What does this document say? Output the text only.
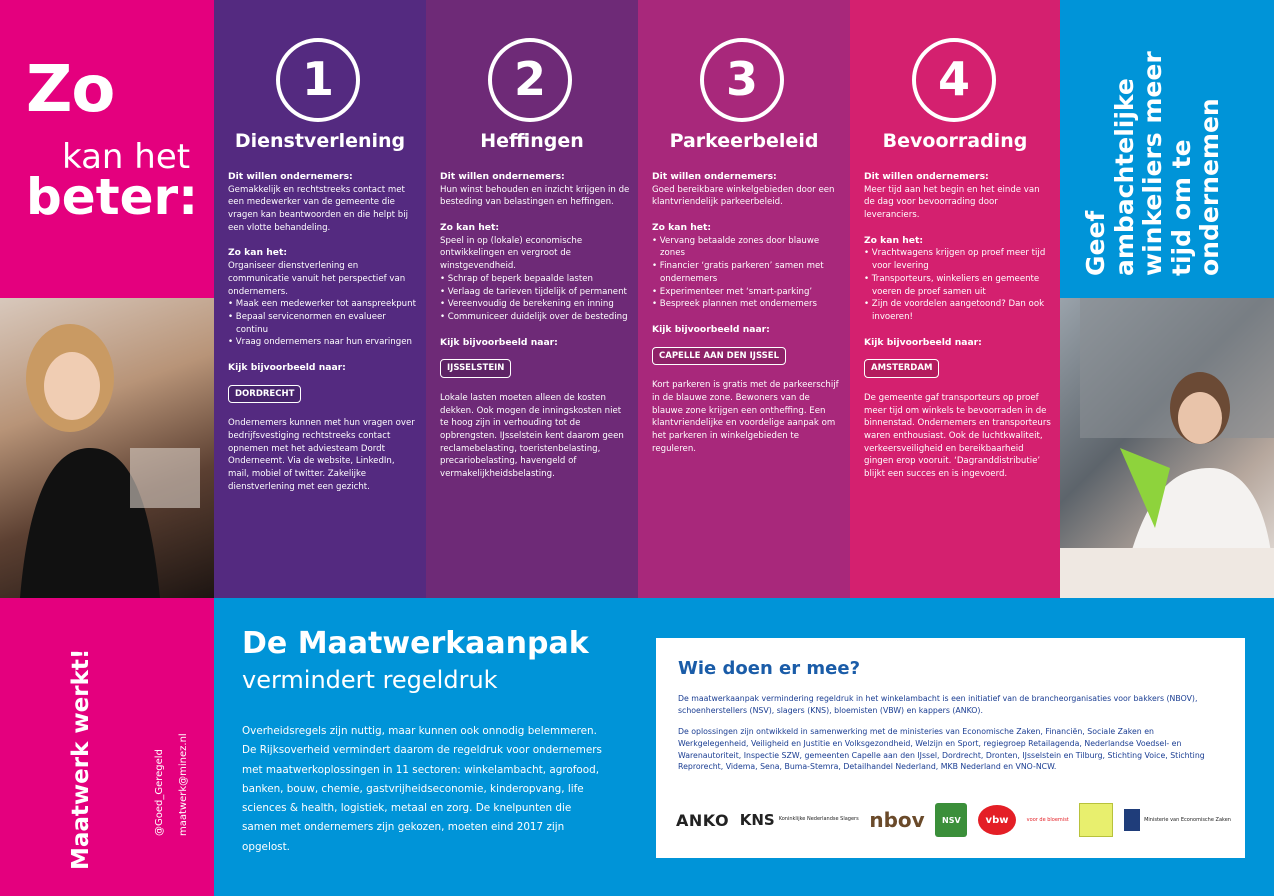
Zo
kan het
beter:
1
Dienstverlening
Dit willen ondernemers:
Gemakkelijk en rechtstreeks contact met een medewerker van de gemeente die vragen kan beantwoorden en die helpt bij een vlotte behandeling.
Zo kan het:
Organiseer dienstverlening en communicatie vanuit het perspectief van ondernemers.
• Maak een medewerker tot aanspreekpunt
• Bepaal servicenormen en evalueer continu
• Vraag ondernemers naar hun ervaringen
Kijk bijvoorbeeld naar:
DORDRECHT
Ondernemers kunnen met hun vragen over bedrijfsvestiging rechtstreeks contact opnemen met het adviesteam Dordt Onderneemt. Via de website, LinkedIn, mail, mobiel of twitter. Zakelijke dienstverlening met een gezicht.
2
Heffingen
Dit willen ondernemers:
Hun winst behouden en inzicht krijgen in de besteding van belastingen en heffingen.
Zo kan het:
Speel in op (lokale) economische ontwikkelingen en vergroot de winstgevendheid.
• Schrap of beperk bepaalde lasten
• Verlaag de tarieven tijdelijk of permanent
• Vereenvoudig de berekening en inning
• Communiceer duidelijk over de besteding
Kijk bijvoorbeeld naar:
IJSSELSTEIN
Lokale lasten moeten alleen de kosten dekken. Ook mogen de inningskosten niet te hoog zijn in verhouding tot de opbrengsten. IJsselstein kent daarom geen reclamebelasting, toeristenbelasting, precariobelasting, havengeld of vermakelijkheidsbelasting.
3
Parkeerbeleid
Dit willen ondernemers:
Goed bereikbare winkelgebieden door een klantvriendelijk parkeerbeleid.
Zo kan het:
• Vervang betaalde zones door blauwe zones
• Financier ‘gratis parkeren’ samen met ondernemers
• Experimenteer met ‘smart-parking’
• Bespreek plannen met ondernemers
Kijk bijvoorbeeld naar:
CAPELLE AAN DEN IJSSEL
Kort parkeren is gratis met de parkeerschijf in de blauwe zone. Bewoners van de blauwe zone krijgen een ontheffing. Een klantvriendelijke en voordelige aanpak om het parkeren in winkelgebieden te reguleren.
4
Bevoorrading
Dit willen ondernemers:
Meer tijd aan het begin en het einde van de dag voor bevoorrading door leveranciers.
Zo kan het:
• Vrachtwagens krijgen op proef meer tijd voor levering
• Transporteurs, winkeliers en gemeente voeren de proef samen uit
• Zijn de voordelen aangetoond? Dan ook invoeren!
Kijk bijvoorbeeld naar:
AMSTERDAM
De gemeente gaf transporteurs op proef meer tijd om winkels te bevoorraden in de binnenstad. Ondernemers en transporteurs waren enthousiast. Ook de luchtkwaliteit, verkeersveiligheid en bereikbaarheid gingen erop vooruit. ‘Dagranddistributie’ blijkt een succes en is ingevoerd.
Geef ambachtelijke winkeliers meer tijd om te ondernemen
Maatwerk werkt!	@Goed_Geregeld maatwerk@minez.nl
De Maatwerkaanpak
vermindert regeldruk
Overheidsregels zijn nuttig, maar kunnen ook onnodig belemmeren. De Rijksoverheid vermindert daarom de regeldruk voor ondernemers met maatwerkoplossingen in 11 sectoren: winkelambacht, agrofood, banken, bouw, chemie, gastvrijheidseconomie, kinderopvang, life sciences & health, logistiek, metaal en zorg. De knelpunten die samen met ondernemers zijn gekozen, moeten eind 2017 zijn opgelost.
Wie doen er mee?
De maatwerkaanpak vermindering regeldruk in het winkelambacht is een initiatief van de brancheorganisaties voor bakkers (NBOV), schoenherstellers (NSV), slagers (KNS), bloemisten (VBW) en kappers (ANKO).
De oplossingen zijn ontwikkeld in samenwerking met de ministeries van Economische Zaken, Financiën, Sociale Zaken en Werkgelegenheid, Veiligheid en Justitie en Volksgezondheid, Welzijn en Sport, regiegroep Retailagenda, Nederlandse Voedsel- en Warenautoriteit, Inspectie SZW, gemeenten Capelle aan den IJssel, Dordrecht, Dronten, IJsselstein en Tilburg, Stichting Voice, Stichting Reprorecht, Videma, Sena, Buma-Stemra, Detailhandel Nederland, MKB Nederland en VNO-NCW.
ANKO KNS Koninklijke Nederlandse Slagers nbov	NSV	vbw	voor de bloemist	Ministerie van Economische Zaken
